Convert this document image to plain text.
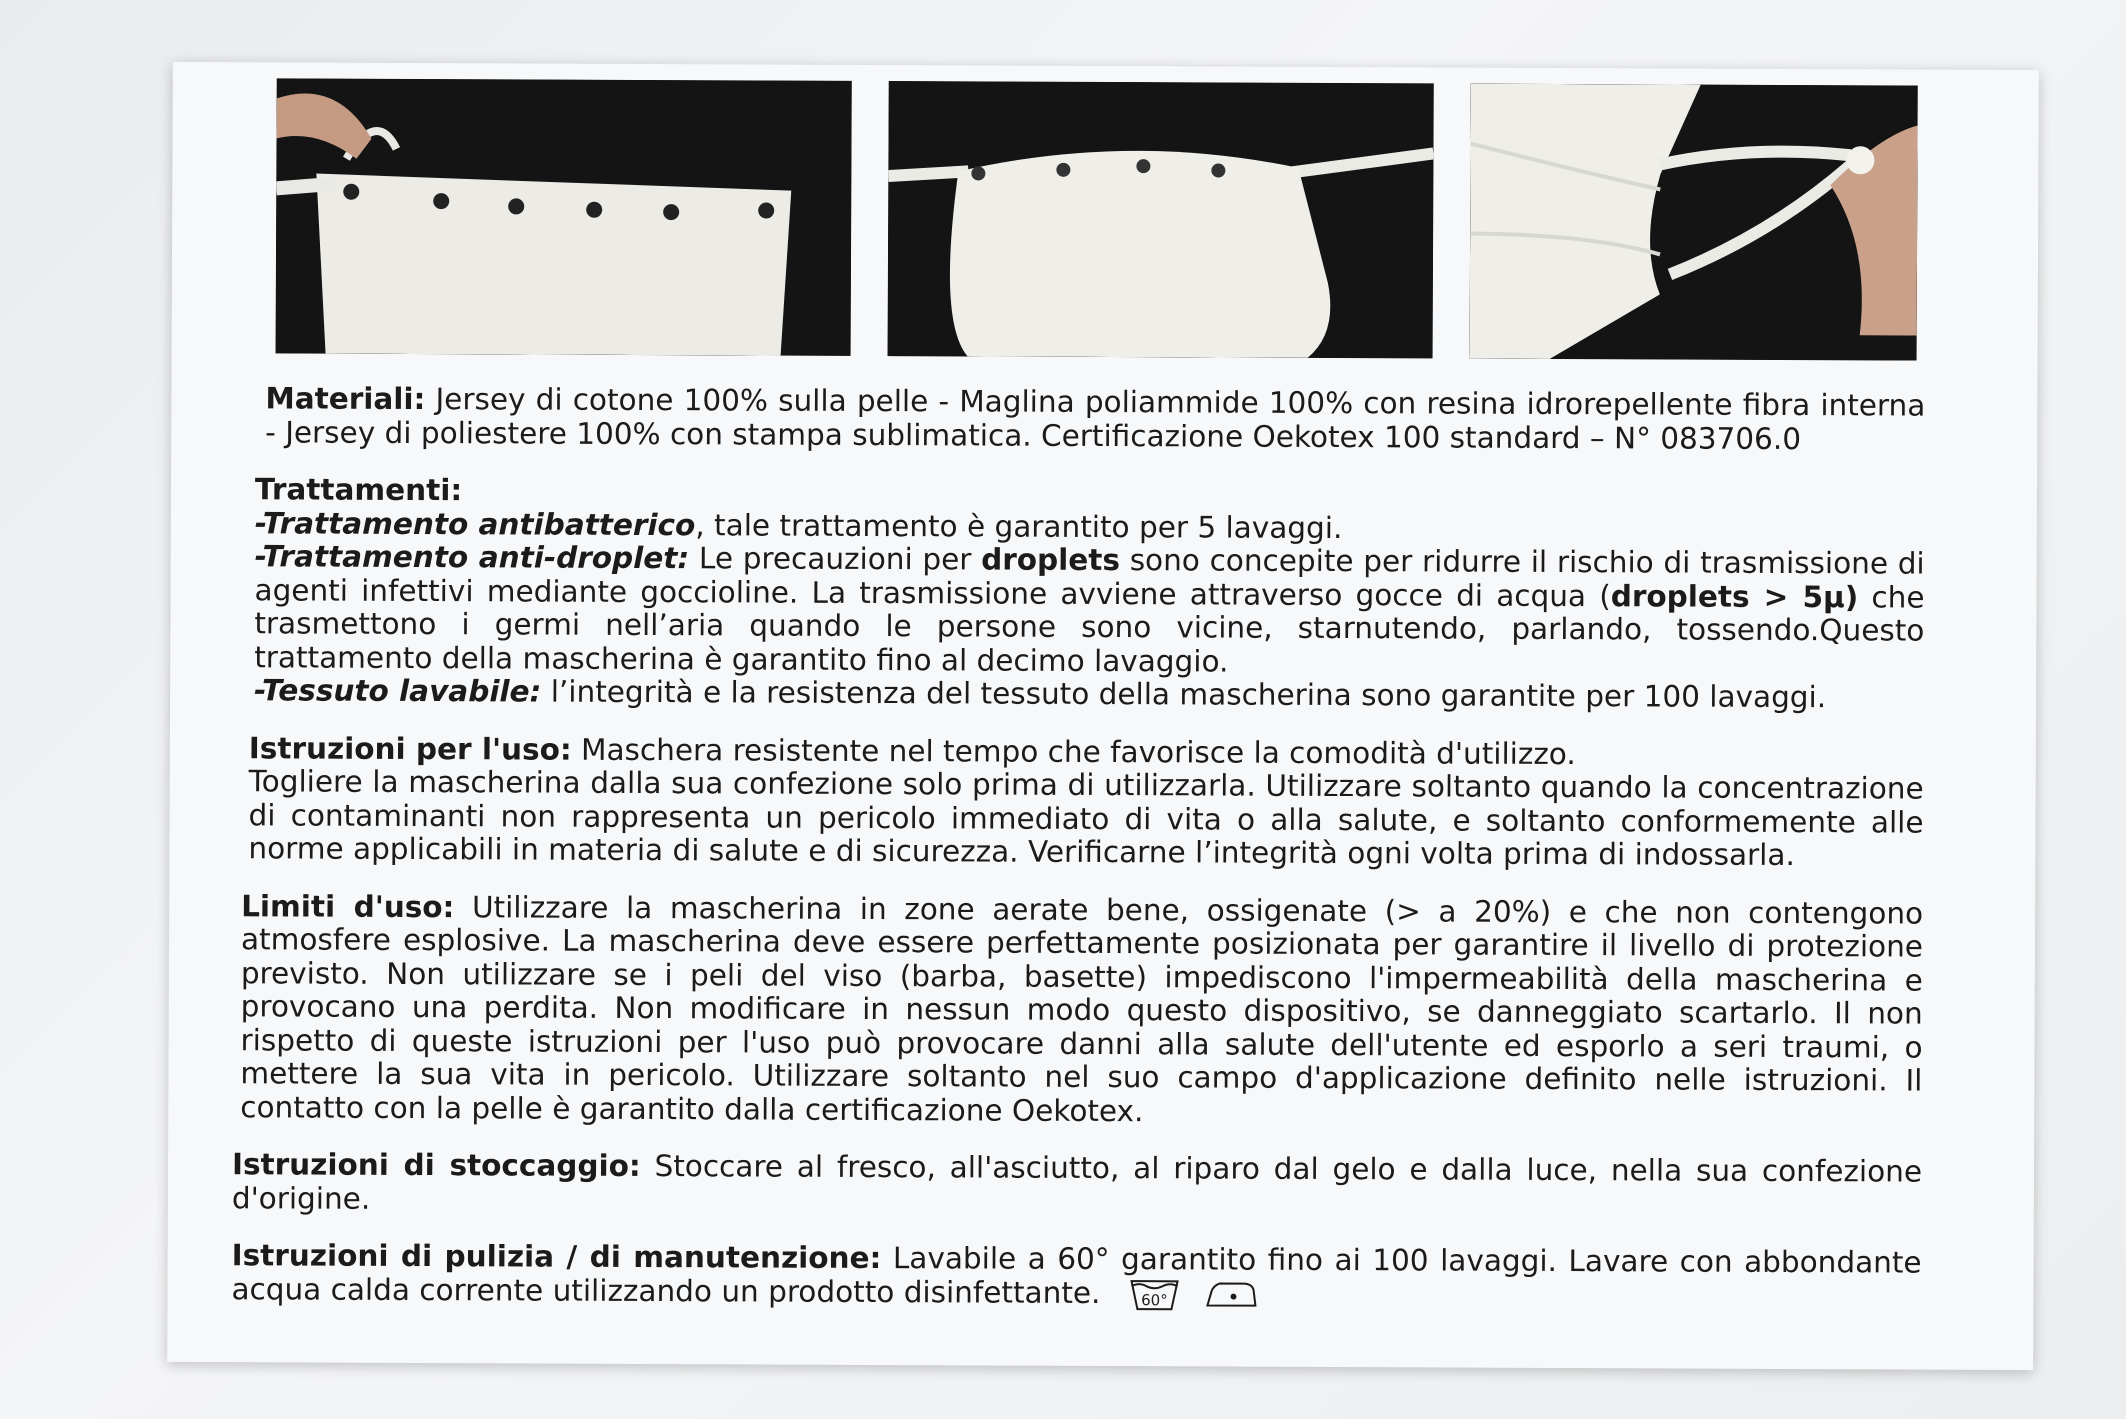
Materiali: Jersey di cotone 100% sulla pelle - Maglina poliammide 100% con resina idrorepellente fibra interna - Jersey di poliestere 100% con stampa sublimatica. Certificazione Oekotex 100 standard – N° 083706.0
Trattamenti:
-Trattamento antibatterico, tale trattamento è garantito per 5 lavaggi.
-Trattamento anti-droplet: Le precauzioni per droplets sono concepite per ridurre il rischio di trasmissione di agenti infettivi mediante goccioline. La trasmissione avviene attraverso gocce di acqua (droplets > 5µ) che trasmettono i germi nell’aria quando le persone sono vicine, starnutendo, parlando, tossendo.Questo trattamento della mascherina è garantito fino al decimo lavaggio.
-Tessuto lavabile: l’integrità e la resistenza del tessuto della mascherina sono garantite per 100 lavaggi.
Istruzioni per l'uso: Maschera resistente nel tempo che favorisce la comodità d'utilizzo.
Togliere la mascherina dalla sua confezione solo prima di utilizzarla. Utilizzare soltanto quando la concentrazione di contaminanti non rappresenta un pericolo immediato di vita o alla salute, e soltanto conformemente alle norme applicabili in materia di salute e di sicurezza. Verificarne l’integrità ogni volta prima di indossarla.
Limiti d'uso: Utilizzare la mascherina in zone aerate bene, ossigenate (> a 20%) e che non contengono atmosfere esplosive. La mascherina deve essere perfettamente posizionata per garantire il livello di protezione previsto. Non utilizzare se i peli del viso (barba, basette) impediscono l'impermeabilità della mascherina e provocano una perdita. Non modificare in nessun modo questo dispositivo, se danneggiato scartarlo. Il non rispetto di queste istruzioni per l'uso può provocare danni alla salute dell'utente ed esporlo a seri traumi, o mettere la sua vita in pericolo. Utilizzare soltanto nel suo campo d'applicazione definito nelle istruzioni. Il contatto con la pelle è garantito dalla certificazione Oekotex.
Istruzioni di stoccaggio: Stoccare al fresco, all'asciutto, al riparo dal gelo e dalla luce, nella sua confezione d'origine.
Istruzioni di pulizia / di manutenzione: Lavabile a 60° garantito fino ai 100 lavaggi. Lavare con abbondante acqua calda corrente utilizzando un prodotto disinfettante.	60°
